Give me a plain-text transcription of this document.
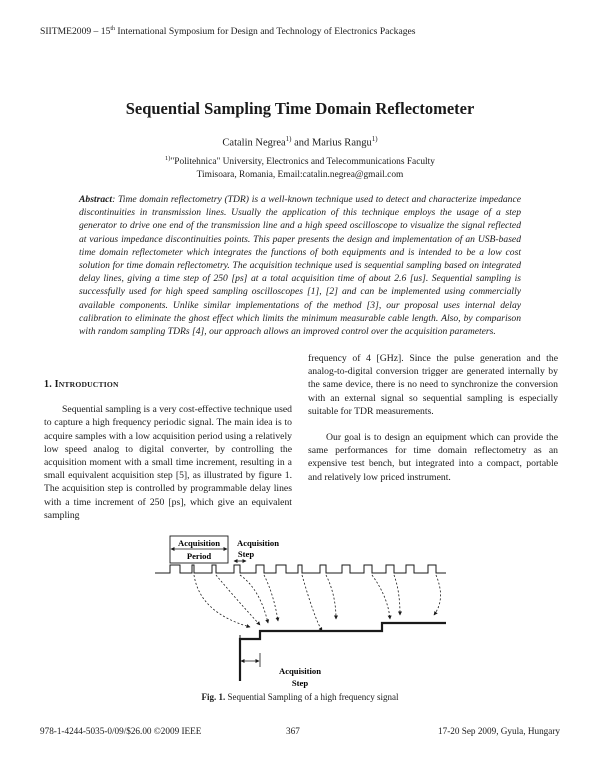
SIITME2009 – 15th International Symposium for Design and Technology of Electronics Packages
Sequential Sampling Time Domain Reflectometer
Catalin Negrea$^{1)}$ and Marius Rangu$^{1)}$
$^{1)}$"Politehnica" University, Electronics and Telecommunications Faculty
Timisoara, Romania, Email:catalin.negrea@gmail.com
Abstract: Time domain reflectometry (TDR) is a well-known technique used to detect and characterize impedance discontinuities in transmission lines. Usually the application of this technique employs the usage of a step generator to drive one end of the transmission line and a high speed oscilloscope to visualize the signal reflected at various impedance discontinuities points. This paper presents the design and implementation of an USB-based time domain reflectometer which integrates the functions of both equipments and is intended to be a low cost solution for time domain reflectometry. The acquisition technique used is sequential sampling based on integrated delay lines, giving a time step of 250 [ps] at a total acquisition time of about 2.6 [us]. Sequential sampling is successfully used for high speed sampling oscilloscopes [1], [2] and can be implemented using commercially available components. Unlike similar implementations of the method [3], our proposal uses internal delay calibration to eliminate the ghost effect which limits the minimum measurable cable length. Also, by comparison with random sampling TDRs [4], our approach allows an improved control over the acquisition parameters.
1. INTRODUCTION

Sequential sampling is a very cost-effective technique used to capture a high frequency periodic signal. The main idea is to acquire samples with a low acquisition period using a relatively low speed analog to digital converter, by controlling the acquisition moment with a small time increment, resulting in a small equivalent acquisition step [5], as illustrated by figure 1. The acquisition step is controlled by programmable delay lines with a time increment of 250 [ps], which give an equivalent sampling

frequency of 4 [GHz]. Since the pulse generation and the analog-to-digital conversion trigger are generated internally by the same device, there is no need to synchronize the conversion with an external signal so sequential sampling is especially suitable for TDR measurements.

Our goal is to design an equipment which can provide the same performances for time domain reflectometry as an expensive test bench, but integrated into a compact, portable and relatively low priced instrument.

Acquisition
Period
Acquisition
Step
Acquisition
Step
Fig. 1. Sequential Sampling of a high frequency signal
978-1-4244-5035-0/09/$26.00 ©2009 IEEE	367	17-20 Sep 2009, Gyula, Hungary
